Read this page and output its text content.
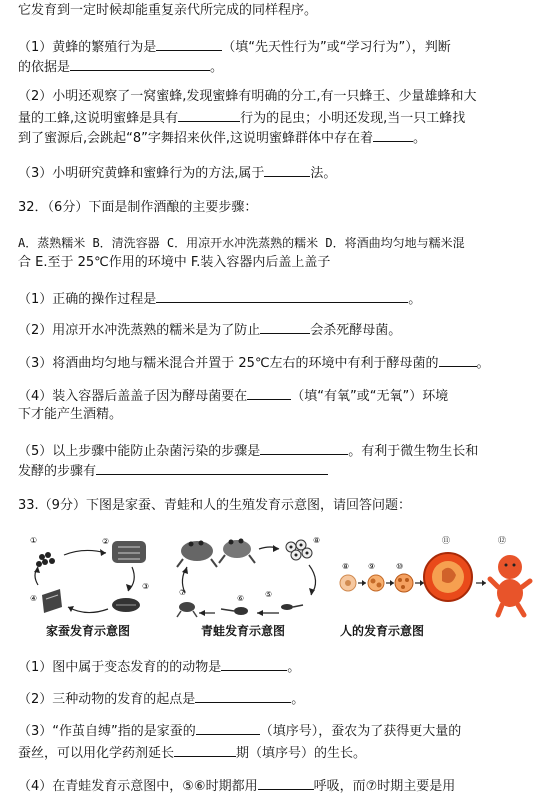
它发育到一定时候却能重复亲代所完成的同样程序。
（1）黄蜂的繁殖行为是	（填“先天性行为”或“学习行为”），判断
的依据是	。
（2）小明还观察了一窝蜜蜂,发现蜜蜂有明确的分工,有一只蜂王、少量雄蜂和大
量的工蜂,这说明蜜蜂是具有	行为的昆虫；小明还发现,当一只工蜂找
到了蜜源后,会跳起“8”字舞招来伙伴,这说明蜜蜂群体中存在着	。
（3）小明研究黄蜂和蜜蜂行为的方法,属于	法。
32．（6分）下面是制作酒酿的主要步骤：
A．蒸熟糯米 B．清洗容器 C．用凉开水冲洗蒸熟的糯米 D．将酒曲均匀地与糯米混
合 E.至于 25℃作用的环境中 F.装入容器内后盖上盖子
（1）正确的操作过程是	。
（2）用凉开水冲洗蒸熟的糯米是为了防止	会杀死酵母菌。
（3）将酒曲均匀地与糯米混合并置于 25℃左右的环境中有利于酵母菌的	。
（4）装入容器后盖盖子因为酵母菌要在	（填“有氧”或“无氧”）环境
下才能产生酒精。
（5）以上步骤中能防止杂菌污染的步骤是	。有利于微生物生长和
发酵的步骤有
33.（9分）下图是家蚕、青蛙和人的生殖发育示意图，请回答问题：
①	②
③
④
家蚕发育示意图
⑧
⑤
⑥
⑦
青蛙发育示意图
⑧ ⑨	⑩
⑪	⑫
人的发育示意图
（1）图中属于变态发育的的动物是	。
（2）三种动物的发育的起点是	。
（3）“作茧自缚”指的是家蚕的	（填序号），蚕农为了获得更大量的
蚕丝，可以用化学药剂延长	期（填序号）的生长。
（4）在青蛙发育示意图中，⑤⑥时期都用	呼吸，而⑦时期主要是用
